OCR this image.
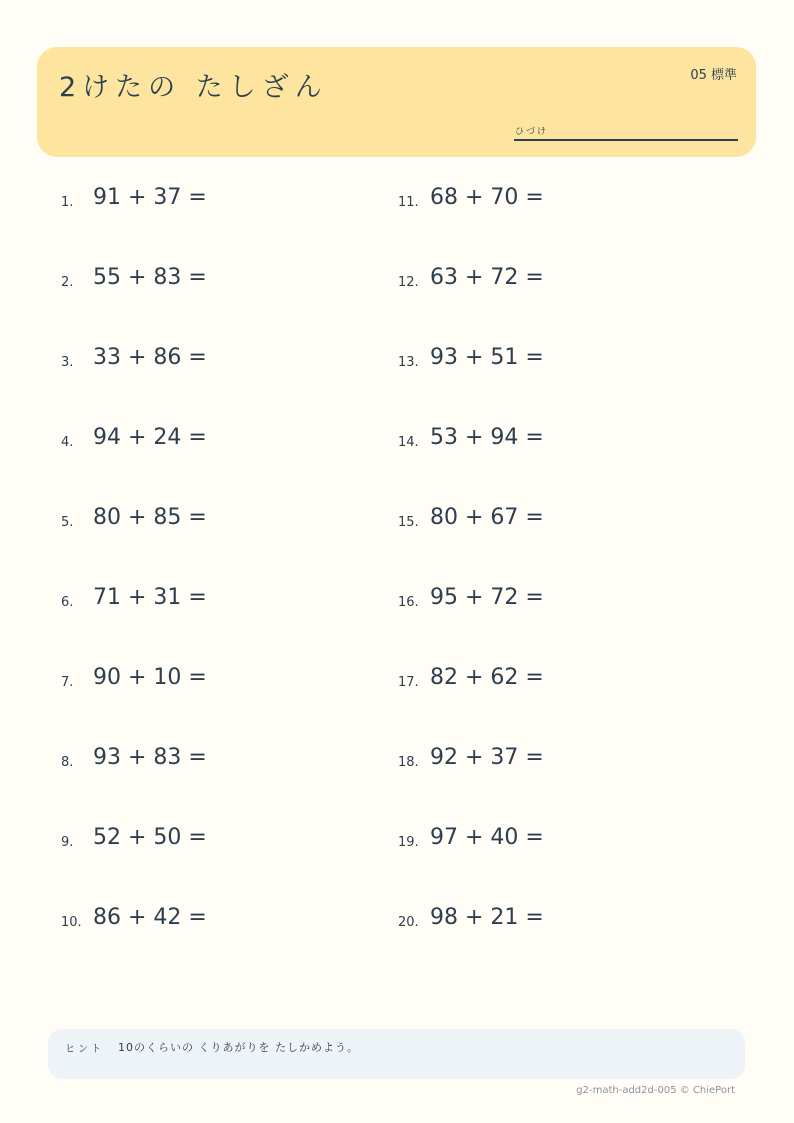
2けたの たしざん	05 標準
ひづけ
1. 91 + 37 =
2. 55 + 83 =
3. 33 + 86 =
4. 94 + 24 =
5. 80 + 85 =
6. 71 + 31 =
7. 90 + 10 =
8. 93 + 83 =
9. 52 + 50 =
10. 86 + 42 =
11. 68 + 70 =
12. 63 + 72 =
13. 93 + 51 =
14. 53 + 94 =
15. 80 + 67 =
16. 95 + 72 =
17. 82 + 62 =
18. 92 + 37 =
19. 97 + 40 =
20. 98 + 21 =
ヒント 10のくらいの くりあがりを たしかめよう。
g2-math-add2d-005 © ChiePort
